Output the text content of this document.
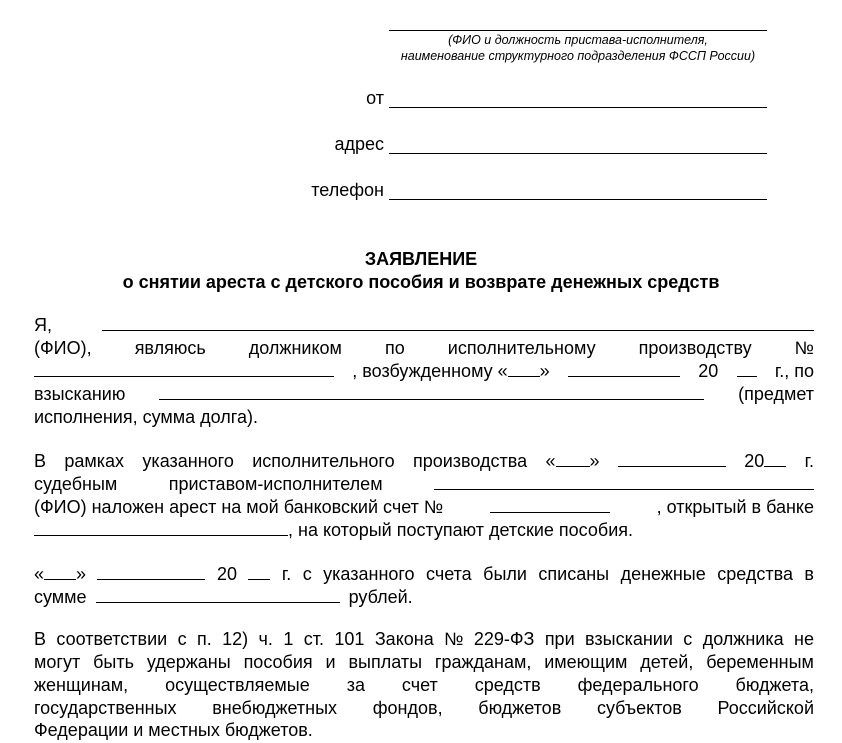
(ФИО и должность пристава-исполнителя,
наименование структурного подразделения ФССП России)
от
адрес
телефон
ЗАЯВЛЕНИЕ
о снятии ареста с детского пособия и возврате денежных средств
Я,
(ФИО), являюсь должником по исполнительному производству №
, возбужденному « »	20	г., по
взысканию	(предмет
исполнения, сумма долга).
В рамках указанного исполнительного производства « »	20	г.
судебным	приставом-исполнителем
(ФИО) наложен арест на мой банковский счет №	, открытый в банке
, на который поступают детские пособия.
« »	20 г. с указанного счета были списаны денежные средства в
сумме	рублей.
В соответствии с п. 12) ч. 1 ст. 101 Закона № 229-ФЗ при взыскании с должника не
могут быть удержаны пособия и выплаты гражданам, имеющим детей, беременным
женщинам, осуществляемые за счет средств федерального бюджета,
государственных внебюджетных фондов, бюджетов субъектов Российской
Федерации и местных бюджетов.
